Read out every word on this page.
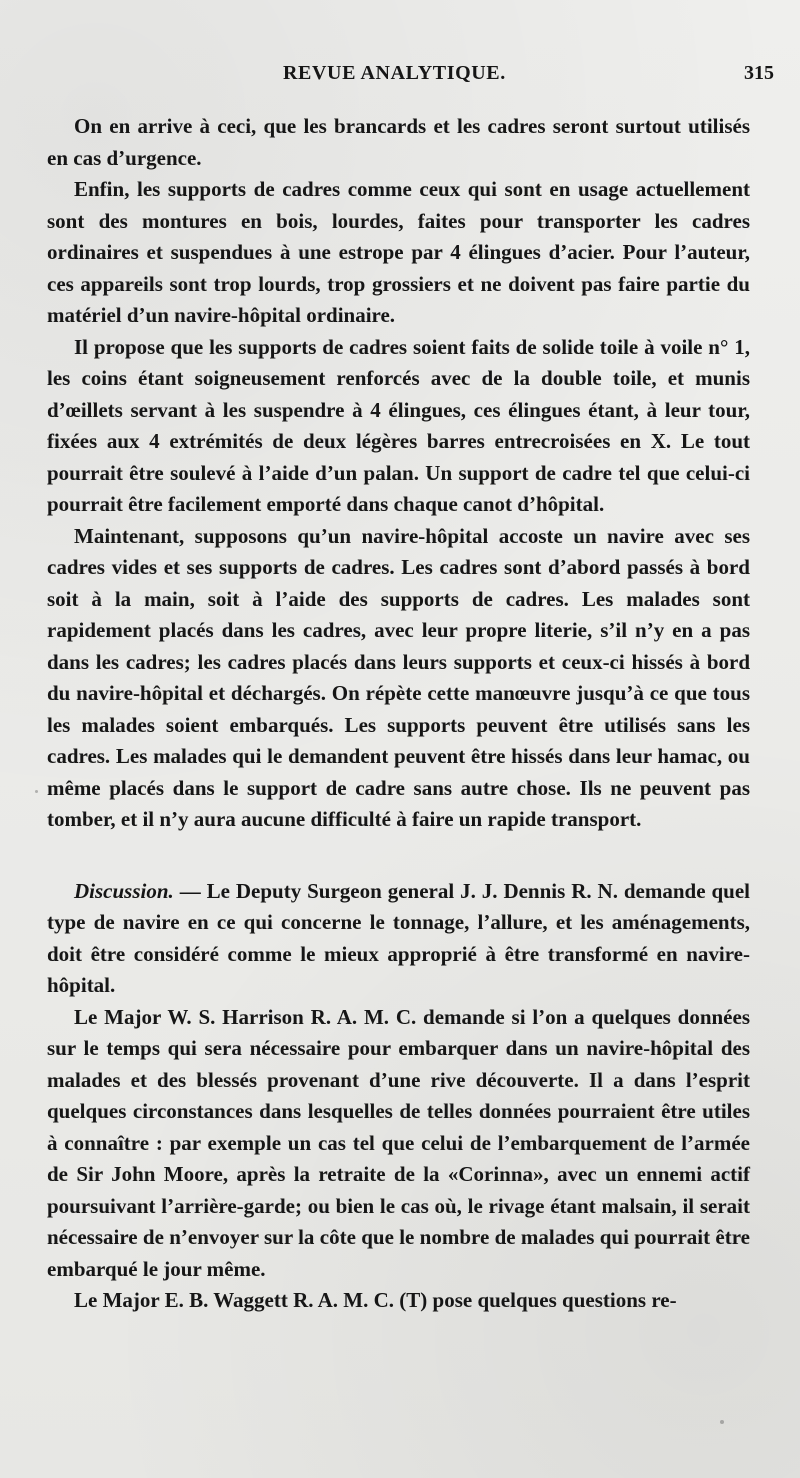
REVUE ANALYTIQUE.	315

On en arrive à ceci, que les brancards et les cadres seront surtout utilisés en cas d’urgence.

Enfin, les supports de cadres comme ceux qui sont en usage actuellement sont des montures en bois, lourdes, faites pour transporter les cadres ordinaires et suspendues à une estrope par 4 élingues d’acier. Pour l’auteur, ces appareils sont trop lourds, trop grossiers et ne doivent pas faire partie du matériel d’un navire-hôpital ordinaire.

Il propose que les supports de cadres soient faits de solide toile à voile n° 1, les coins étant soigneusement renforcés avec de la double toile, et munis d’œillets servant à les suspendre à 4 élingues, ces élingues étant, à leur tour, fixées aux 4 extrémités de deux légères barres entrecroisées en X. Le tout pourrait être soulevé à l’aide d’un palan. Un support de cadre tel que celui-ci pourrait être facilement emporté dans chaque canot d’hôpital.

Maintenant, supposons qu’un navire-hôpital accoste un navire avec ses cadres vides et ses supports de cadres. Les cadres sont d’abord passés à bord soit à la main, soit à l’aide des supports de cadres. Les malades sont rapidement placés dans les cadres, avec leur propre literie, s’il n’y en a pas dans les cadres; les cadres placés dans leurs supports et ceux-ci hissés à bord du navire-hôpital et déchargés. On répète cette manœuvre jusqu’à ce que tous les malades soient embarqués. Les supports peuvent être utilisés sans les cadres. Les malades qui le demandent peuvent être hissés dans leur hamac, ou même placés dans le support de cadre sans autre chose. Ils ne peuvent pas tomber, et il n’y aura aucune difficulté à faire un rapide transport.

Discussion. — Le Deputy Surgeon general J. J. Dennis R. N. demande quel type de navire en ce qui concerne le tonnage, l’allure, et les aménagements, doit être considéré comme le mieux approprié à être transformé en navire-hôpital.

Le Major W. S. Harrison R. A. M. C. demande si l’on a quelques données sur le temps qui sera nécessaire pour embarquer dans un navire-hôpital des malades et des blessés provenant d’une rive découverte. Il a dans l’esprit quelques circonstances dans lesquelles de telles données pourraient être utiles à connaître : par exemple un cas tel que celui de l’embarquement de l’armée de Sir John Moore, après la retraite de la «Corinna», avec un ennemi actif poursuivant l’arrière-garde; ou bien le cas où, le rivage étant malsain, il serait nécessaire de n’envoyer sur la côte que le nombre de malades qui pourrait être embarqué le jour même.

Le Major E. B. Waggett R. A. M. C. (T) pose quelques questions re-
